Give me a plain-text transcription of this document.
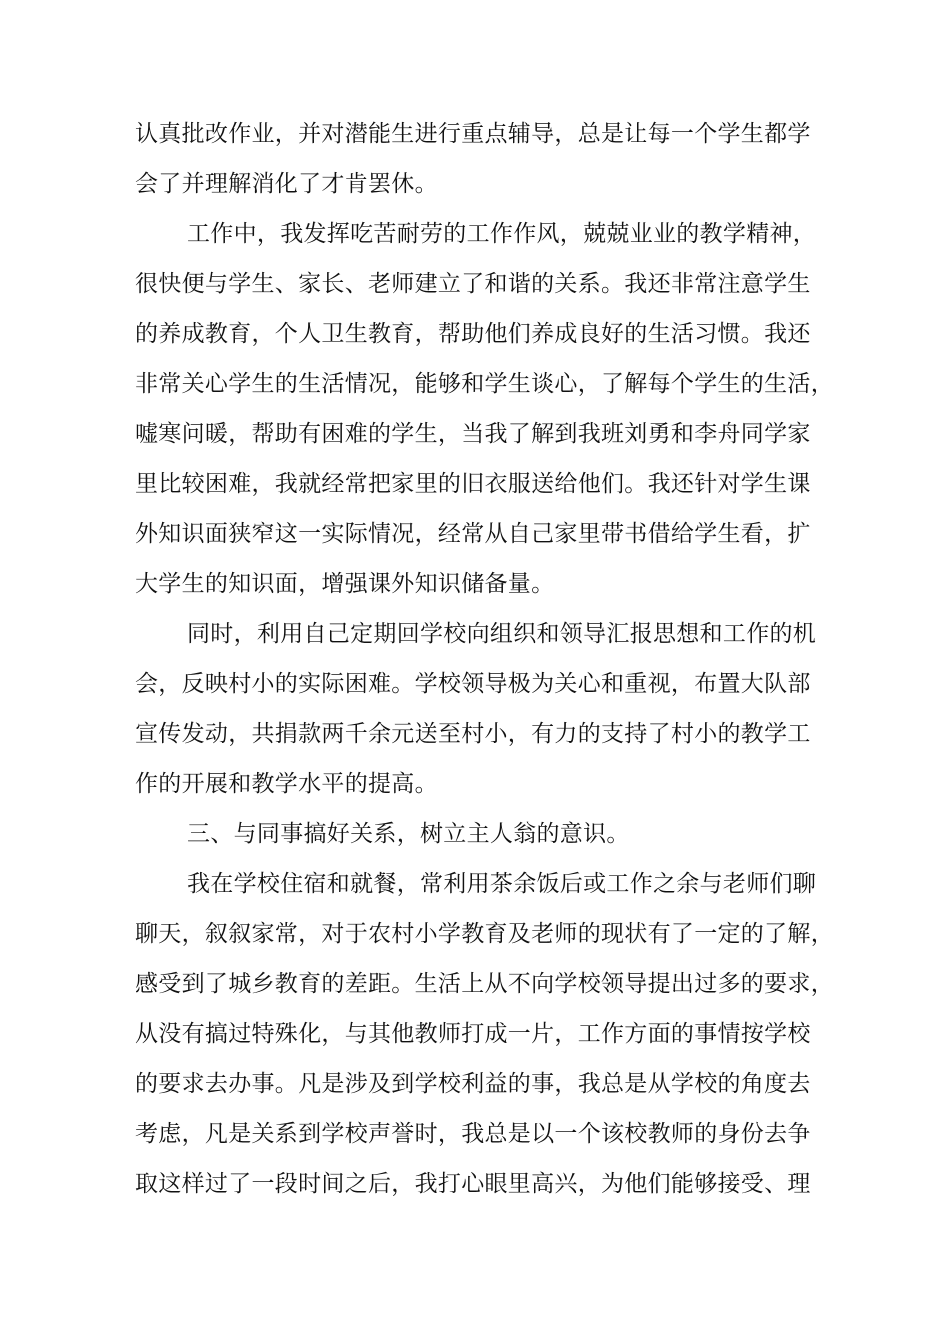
认真批改作业，并对潜能生进行重点辅导，总是让每一个学生都学
会了并理解消化了才肯罢休。
工作中，我发挥吃苦耐劳的工作作风，兢兢业业的教学精神，
很快便与学生、家长、老师建立了和谐的关系。我还非常注意学生
的养成教育，个人卫生教育，帮助他们养成良好的生活习惯。我还
非常关心学生的生活情况，能够和学生谈心，了解每个学生的生活，
嘘寒问暖，帮助有困难的学生，当我了解到我班刘勇和李舟同学家
里比较困难，我就经常把家里的旧衣服送给他们。我还针对学生课
外知识面狭窄这一实际情况，经常从自己家里带书借给学生看，扩
大学生的知识面，增强课外知识储备量。
同时，利用自己定期回学校向组织和领导汇报思想和工作的机
会，反映村小的实际困难。学校领导极为关心和重视，布置大队部
宣传发动，共捐款两千余元送至村小，有力的支持了村小的教学工
作的开展和教学水平的提高。
三、与同事搞好关系，树立主人翁的意识。
我在学校住宿和就餐，常利用茶余饭后或工作之余与老师们聊
聊天，叙叙家常，对于农村小学教育及老师的现状有了一定的了解，
感受到了城乡教育的差距。生活上从不向学校领导提出过多的要求，
从没有搞过特殊化，与其他教师打成一片，工作方面的事情按学校
的要求去办事。凡是涉及到学校利益的事，我总是从学校的角度去
考虑，凡是关系到学校声誉时，我总是以一个该校教师的身份去争
取这样过了一段时间之后，我打心眼里高兴，为他们能够接受、理
